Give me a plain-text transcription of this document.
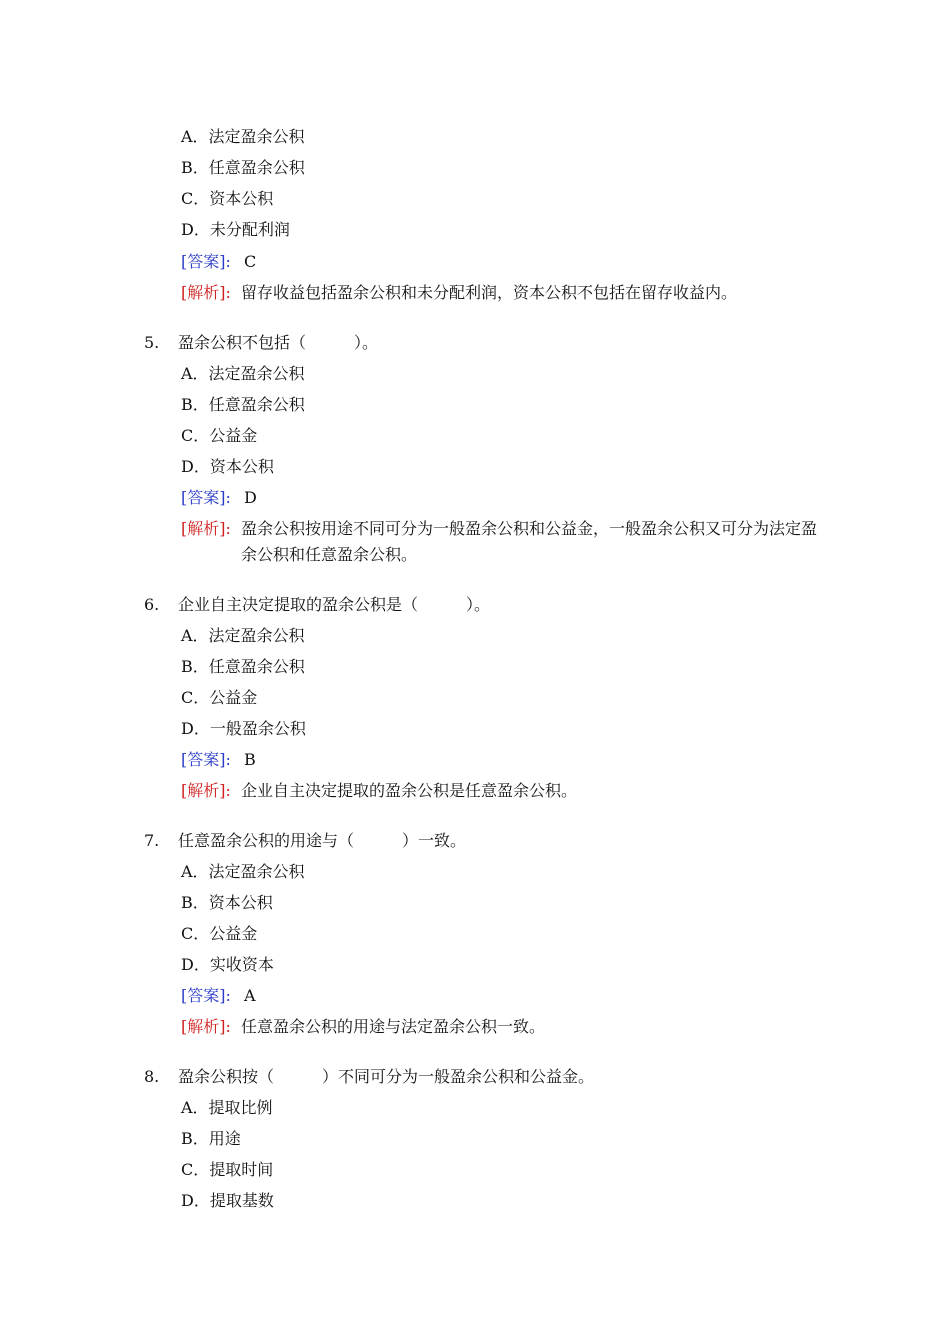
A．法定盈余公积
B．任意盈余公积
C．资本公积
D．未分配利润
[答案]: C
[解析]: 留存收益包括盈余公积和未分配利润，资本公积不包括在留存收益内。
5. 盈余公积不包括（　　　）。
A．法定盈余公积
B．任意盈余公积
C．公益金
D．资本公积
[答案]: D
[解析]: 盈余公积按用途不同可分为一般盈余公积和公益金，一般盈余公积又可分为法定盈余公积和任意盈余公积。
6. 企业自主决定提取的盈余公积是（　　　）。
A．法定盈余公积
B．任意盈余公积
C．公益金
D．一般盈余公积
[答案]: B
[解析]: 企业自主决定提取的盈余公积是任意盈余公积。
7. 任意盈余公积的用途与（　　　）一致。
A．法定盈余公积
B．资本公积
C．公益金
D．实收资本
[答案]: A
[解析]: 任意盈余公积的用途与法定盈余公积一致。
8. 盈余公积按（　　　）不同可分为一般盈余公积和公益金。
A．提取比例
B．用途
C．提取时间
D．提取基数
